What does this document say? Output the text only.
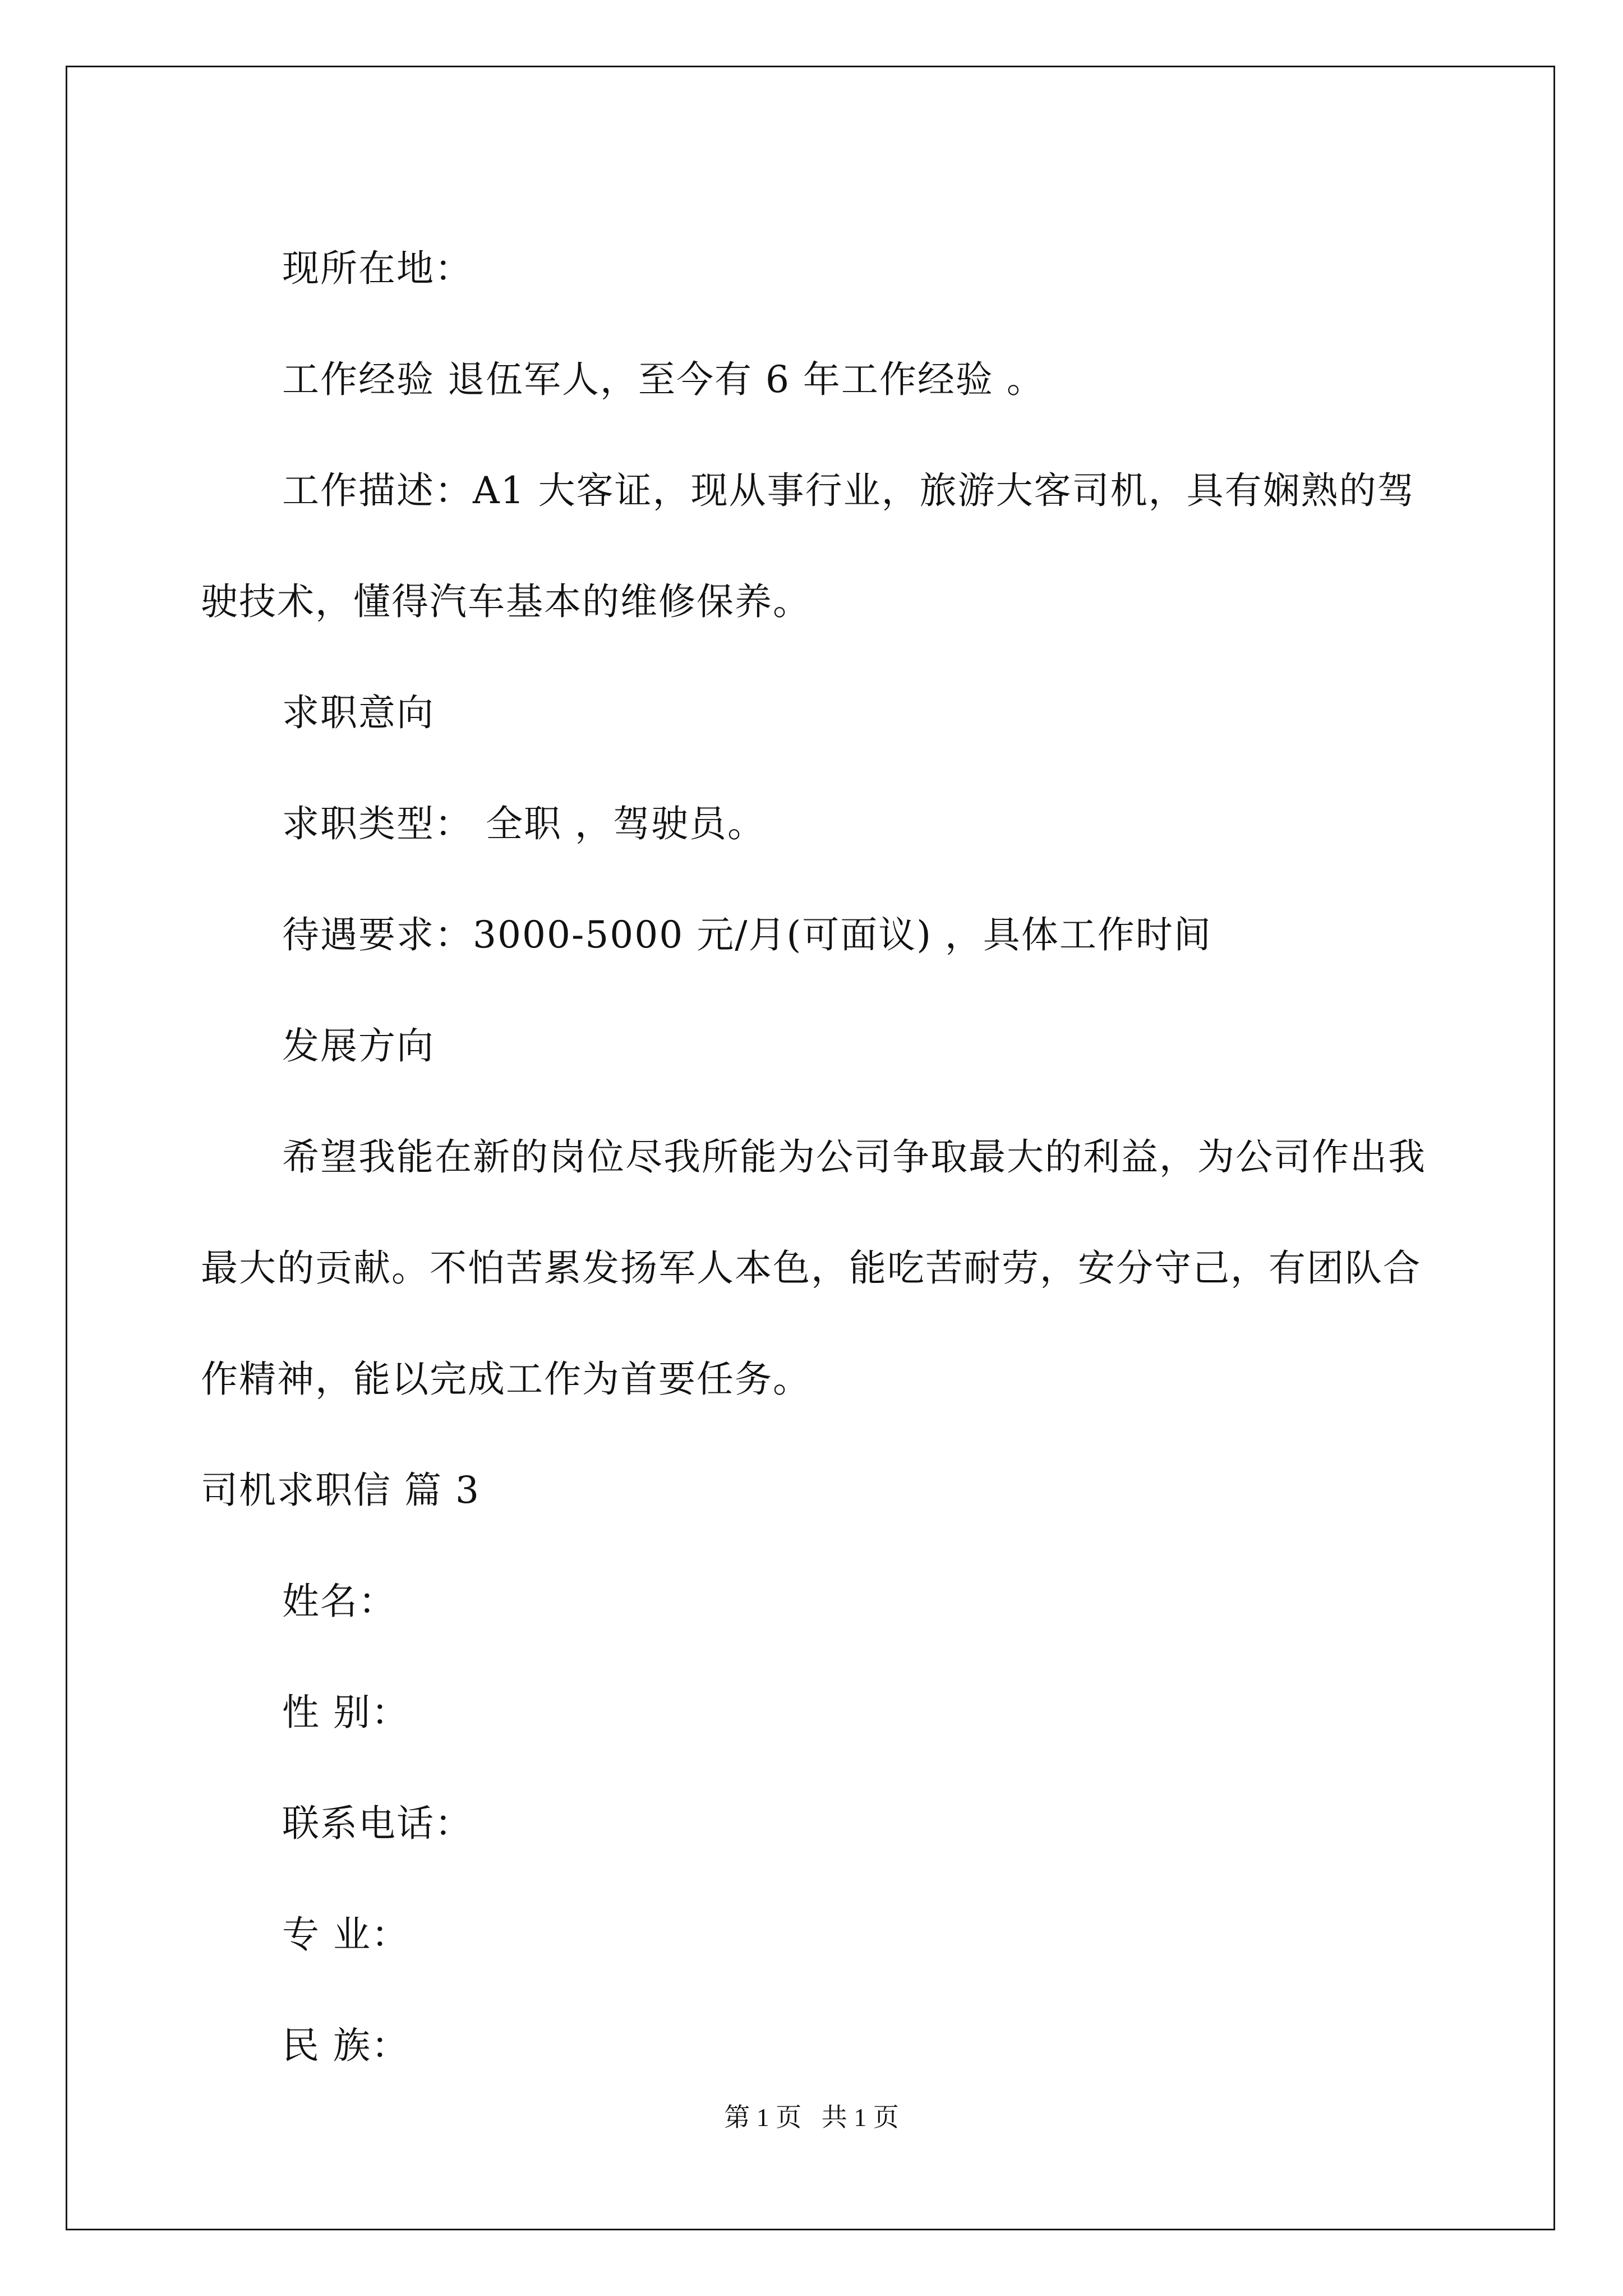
现所在地：

工作经验 退伍军人，至今有 6 年工作经验 。

工作描述：A1 大客证，现从事行业，旅游大客司机，具有娴熟的驾驶技术，懂得汽车基本的维修保养。

求职意向

求职类型： 全职 ，驾驶员。

待遇要求：3000-5000 元/月(可面议) ，具体工作时间

发展方向

希望我能在新的岗位尽我所能为公司争取最大的利益，为公司作出我最大的贡献。不怕苦累发扬军人本色，能吃苦耐劳，安分守己，有团队合作精神，能以完成工作为首要任务。

司机求职信 篇 3

姓名：

性 别：

联系电话：

专 业：

民 族：

第 1 页 共 1 页
